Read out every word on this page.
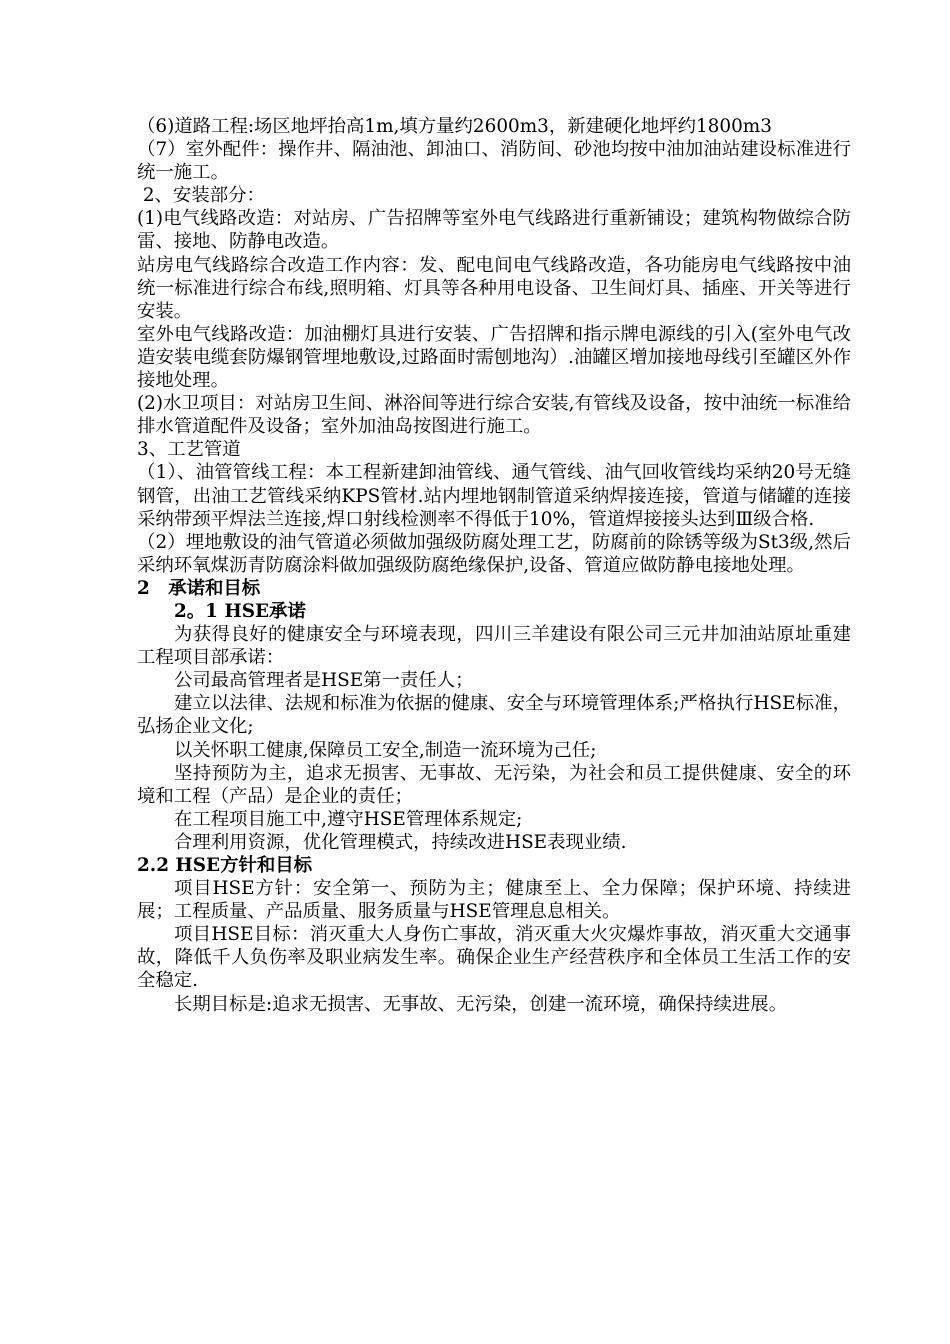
（6)道路工程:场区地坪抬高1m,填方量约2600m3，新建硬化地坪约1800m3

（7）室外配件：操作井、隔油池、卸油口、消防间、砂池均按中油加油站建设标准进行统一施工。

2、安装部分：

(1)电气线路改造：对站房、广告招牌等室外电气线路进行重新铺设；建筑构物做综合防雷、接地、防静电改造。

站房电气线路综合改造工作内容：发、配电间电气线路改造，各功能房电气线路按中油统一标准进行综合布线,照明箱、灯具等各种用电设备、卫生间灯具、插座、开关等进行安装。

室外电气线路改造：加油棚灯具进行安装、广告招牌和指示牌电源线的引入(室外电气改造安装电缆套防爆钢管埋地敷设,过路面时需刨地沟）.油罐区增加接地母线引至罐区外作接地处理。

(2)水卫项目：对站房卫生间、淋浴间等进行综合安装,有管线及设备，按中油统一标准给排水管道配件及设备；室外加油岛按图进行施工。

3、工艺管道

（1）、油管管线工程：本工程新建卸油管线、通气管线、油气回收管线均采纳20号无缝钢管，出油工艺管线采纳KPS管材.站内埋地钢制管道采纳焊接连接，管道与储罐的连接采纳带颈平焊法兰连接,焊口射线检测率不得低于10%，管道焊接接头达到Ⅲ级合格.

（2）埋地敷设的油气管道必须做加强级防腐处理工艺，防腐前的除锈等级为St3级,然后采纳环氧煤沥青防腐涂料做加强级防腐绝缘保护,设备、管道应做防静电接地处理。

2　承诺和目标

2。1 HSE承诺

为获得良好的健康安全与环境表现，四川三羊建设有限公司三元井加油站原址重建工程项目部承诺：

公司最高管理者是HSE第一责任人；

建立以法律、法规和标准为依据的健康、安全与环境管理体系;严格执行HSE标准，弘扬企业文化;

以关怀职工健康,保障员工安全,制造一流环境为己任;

坚持预防为主，追求无损害、无事故、无污染，为社会和员工提供健康、安全的环境和工程（产品）是企业的责任；

在工程项目施工中,遵守HSE管理体系规定;

合理利用资源，优化管理模式，持续改进HSE表现业绩.

2.2 HSE方针和目标

项目HSE方针：安全第一、预防为主；健康至上、全力保障；保护环境、持续进展；工程质量、产品质量、服务质量与HSE管理息息相关。

项目HSE目标：消灭重大人身伤亡事故，消灭重大火灾爆炸事故，消灭重大交通事故，降低千人负伤率及职业病发生率。确保企业生产经营秩序和全体员工生活工作的安全稳定.

长期目标是:追求无损害、无事故、无污染，创建一流环境，确保持续进展。
